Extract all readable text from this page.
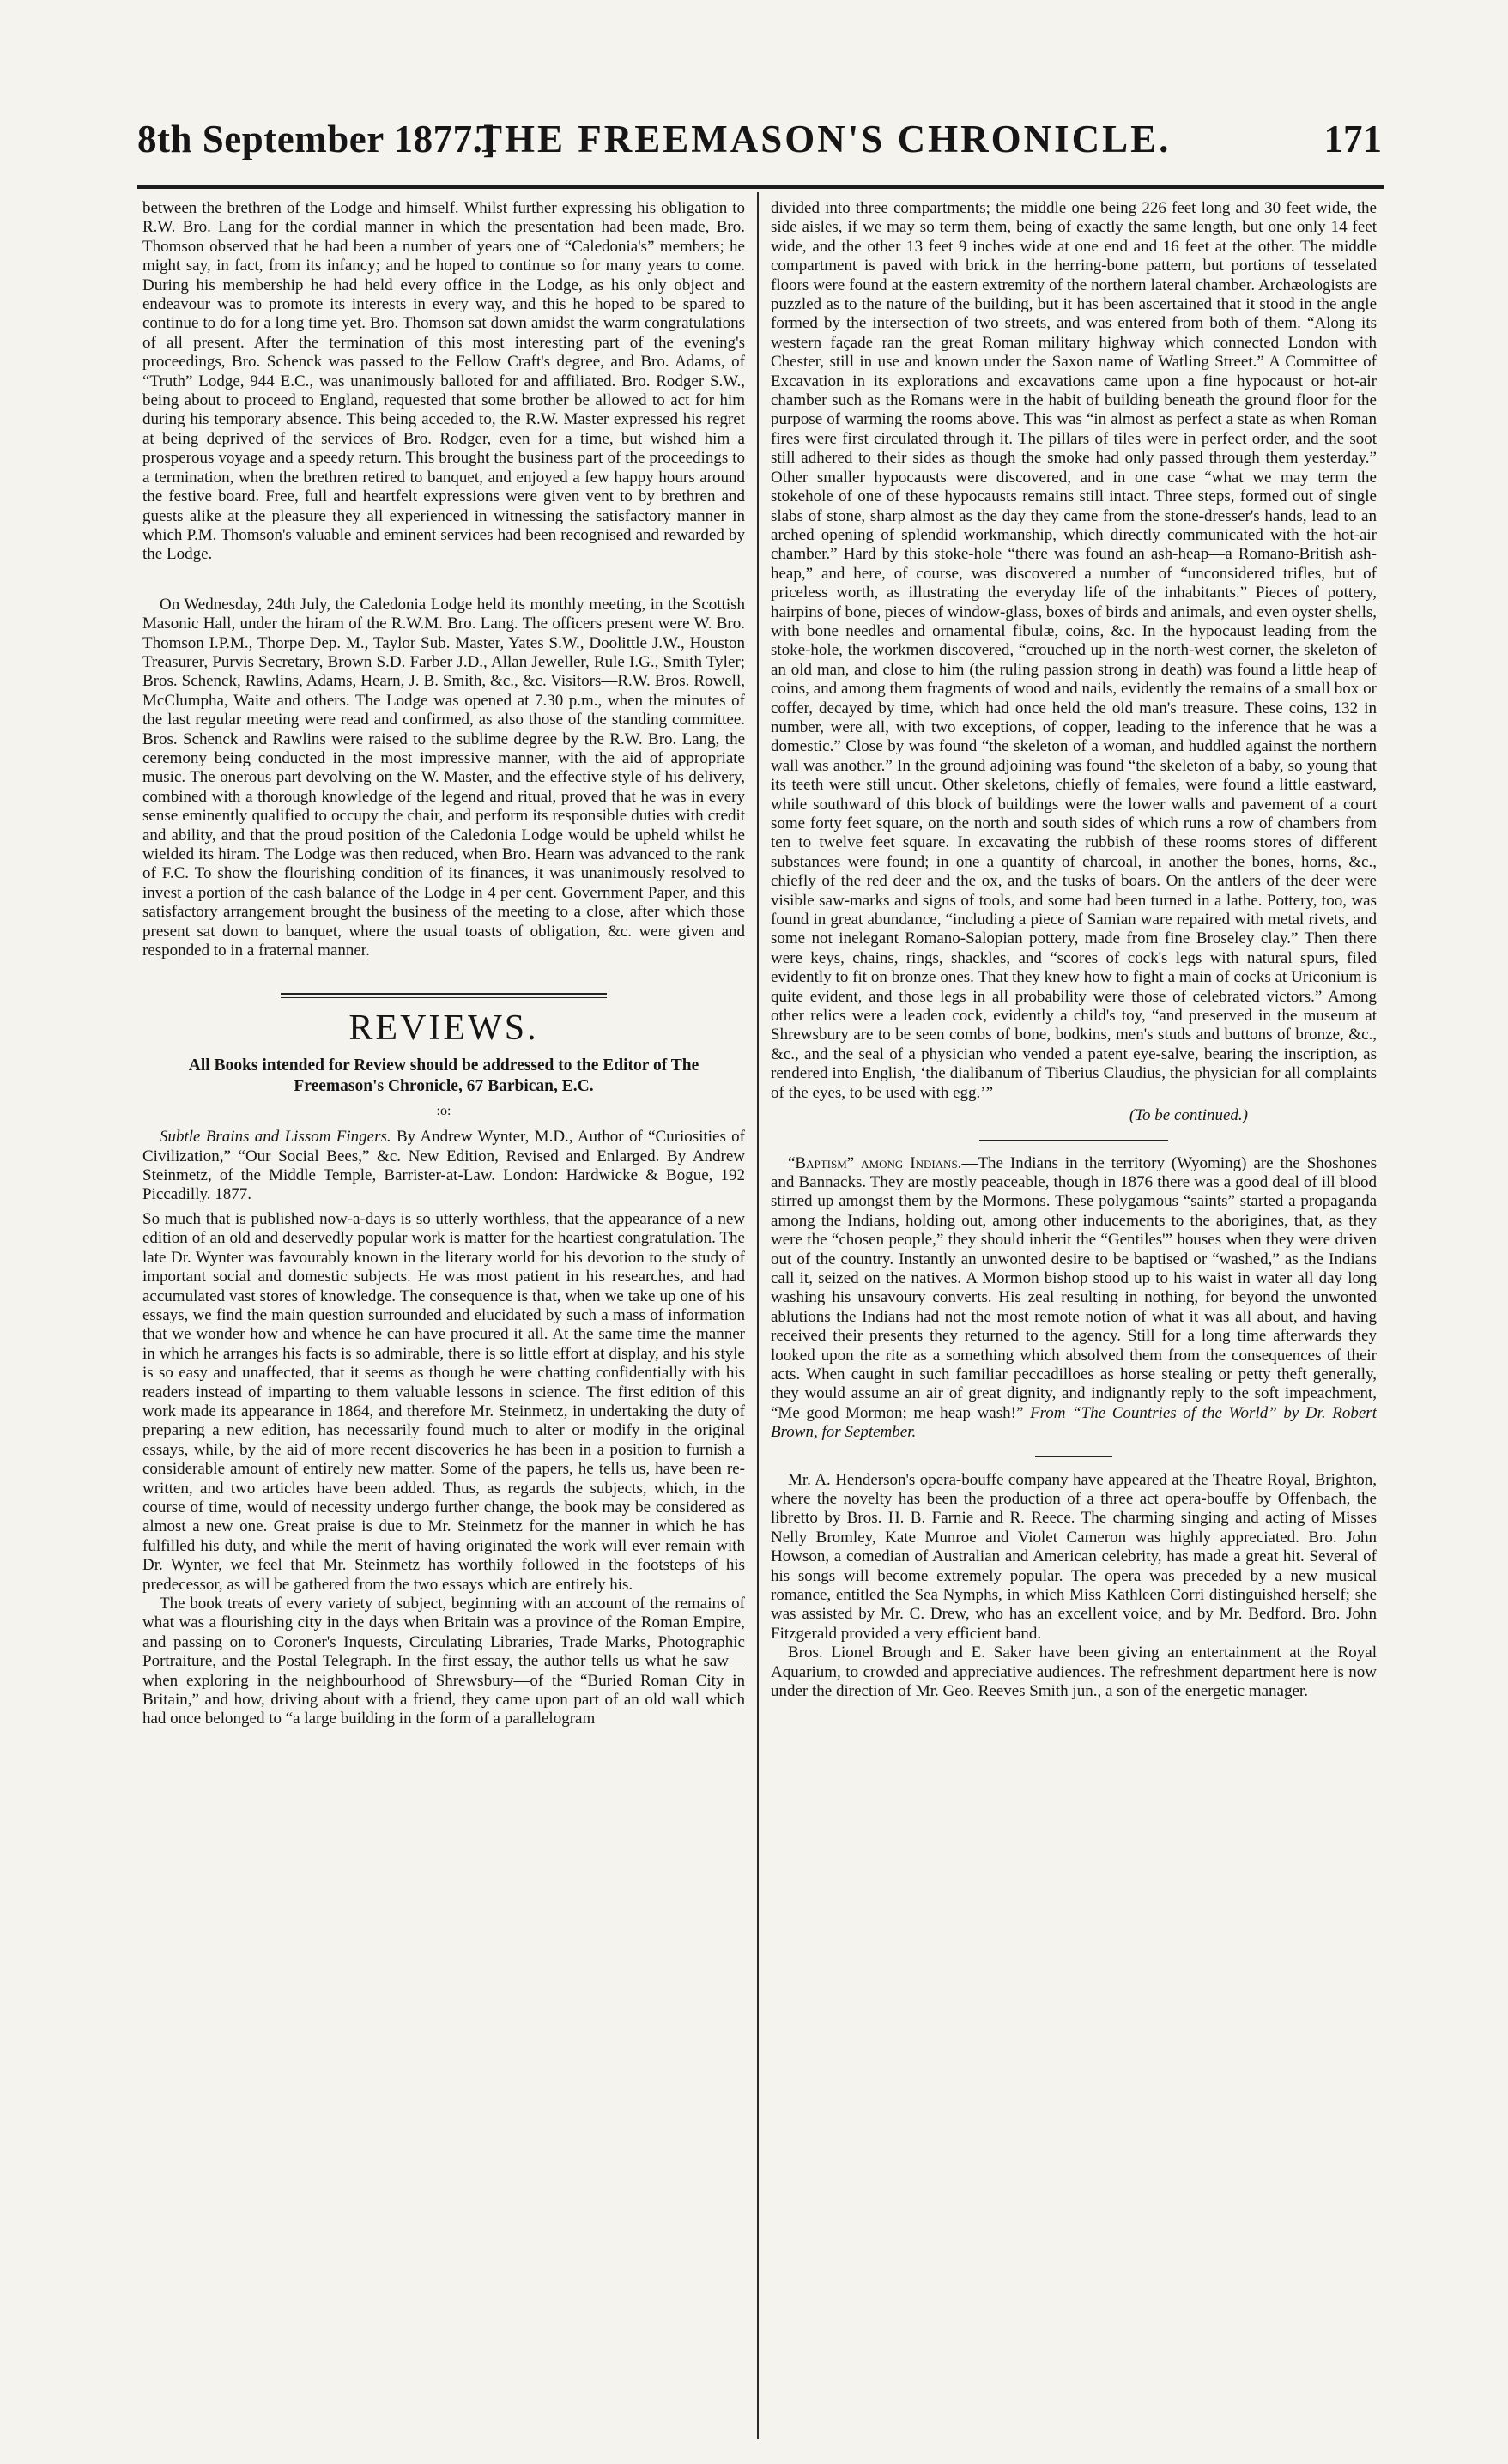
8th September 1877.]
THE FREEMASON'S CHRONICLE.	171

between the brethren of the Lodge and himself. Whilst further expressing his obligation to R.W. Bro. Lang for the cordial manner in which the presentation had been made, Bro. Thomson observed that he had been a number of years one of “Caledonia's” members; he might say, in fact, from its infancy; and he hoped to continue so for many years to come. During his membership he had held every office in the Lodge, as his only object and endeavour was to promote its interests in every way, and this he hoped to be spared to continue to do for a long time yet. Bro. Thomson sat down amidst the warm congratulations of all present. After the termination of this most interesting part of the evening's proceedings, Bro. Schenck was passed to the Fellow Craft's degree, and Bro. Adams, of “Truth” Lodge, 944 E.C., was unanimously balloted for and affiliated. Bro. Rodger S.W., being about to proceed to England, requested that some brother be allowed to act for him during his temporary absence. This being acceded to, the R.W. Master expressed his regret at being deprived of the services of Bro. Rodger, even for a time, but wished him a prosperous voyage and a speedy return. This brought the business part of the proceedings to a termination, when the brethren retired to banquet, and enjoyed a few happy hours around the festive board. Free, full and heartfelt expressions were given vent to by brethren and guests alike at the pleasure they all experienced in witnessing the satisfactory manner in which P.M. Thomson's valuable and eminent services had been recognised and rewarded by the Lodge.

On Wednesday, 24th July, the Caledonia Lodge held its monthly meeting, in the Scottish Masonic Hall, under the hiram of the R.W.M. Bro. Lang. The officers present were W. Bro. Thomson I.P.M., Thorpe Dep. M., Taylor Sub. Master, Yates S.W., Doolittle J.W., Houston Treasurer, Purvis Secretary, Brown S.D. Farber J.D., Allan Jeweller, Rule I.G., Smith Tyler; Bros. Schenck, Rawlins, Adams, Hearn, J. B. Smith, &c., &c. Visitors—R.W. Bros. Rowell, McClumpha, Waite and others. The Lodge was opened at 7.30 p.m., when the minutes of the last regular meeting were read and confirmed, as also those of the standing committee. Bros. Schenck and Rawlins were raised to the sublime degree by the R.W. Bro. Lang, the ceremony being conducted in the most impressive manner, with the aid of appropriate music. The onerous part devolving on the W. Master, and the effective style of his delivery, combined with a thorough knowledge of the legend and ritual, proved that he was in every sense eminently qualified to occupy the chair, and perform its responsible duties with credit and ability, and that the proud position of the Caledonia Lodge would be upheld whilst he wielded its hiram. The Lodge was then reduced, when Bro. Hearn was advanced to the rank of F.C. To show the flourishing condition of its finances, it was unanimously resolved to invest a portion of the cash balance of the Lodge in 4 per cent. Government Paper, and this satisfactory arrangement brought the business of the meeting to a close, after which those present sat down to banquet, where the usual toasts of obligation, &c. were given and responded to in a fraternal manner.

REVIEWS.
All Books intended for Review should be addressed to the Editor of The Freemason's Chronicle, 67 Barbican, E.C.
:o:

Subtle Brains and Lissom Fingers. By Andrew Wynter, M.D., Author of “Curiosities of Civilization,” “Our Social Bees,” &c. New Edition, Revised and Enlarged. By Andrew Steinmetz, of the Middle Temple, Barrister-at-Law. London: Hardwicke & Bogue, 192 Piccadilly. 1877.

So much that is published now-a-days is so utterly worthless, that the appearance of a new edition of an old and deservedly popular work is matter for the heartiest congratulation. The late Dr. Wynter was favourably known in the literary world for his devotion to the study of important social and domestic subjects. He was most patient in his researches, and had accumulated vast stores of knowledge. The consequence is that, when we take up one of his essays, we find the main question surrounded and elucidated by such a mass of information that we wonder how and whence he can have procured it all. At the same time the manner in which he arranges his facts is so admirable, there is so little effort at display, and his style is so easy and unaffected, that it seems as though he were chatting confidentially with his readers instead of imparting to them valuable lessons in science. The first edition of this work made its appearance in 1864, and therefore Mr. Steinmetz, in undertaking the duty of preparing a new edition, has necessarily found much to alter or modify in the original essays, while, by the aid of more recent discoveries he has been in a position to furnish a considerable amount of entirely new matter. Some of the papers, he tells us, have been re-written, and two articles have been added. Thus, as regards the subjects, which, in the course of time, would of necessity undergo further change, the book may be considered as almost a new one. Great praise is due to Mr. Steinmetz for the manner in which he has fulfilled his duty, and while the merit of having originated the work will ever remain with Dr. Wynter, we feel that Mr. Steinmetz has worthily followed in the footsteps of his predecessor, as will be gathered from the two essays which are entirely his.

The book treats of every variety of subject, beginning with an account of the remains of what was a flourishing city in the days when Britain was a province of the Roman Empire, and passing on to Coroner's Inquests, Circulating Libraries, Trade Marks, Photographic Portraiture, and the Postal Telegraph. In the first essay, the author tells us what he saw—when exploring in the neighbourhood of Shrewsbury—of the “Buried Roman City in Britain,” and how, driving about with a friend, they came upon part of an old wall which had once belonged to “a large building in the form of a parallelogram

divided into three compartments; the middle one being 226 feet long and 30 feet wide, the side aisles, if we may so term them, being of exactly the same length, but one only 14 feet wide, and the other 13 feet 9 inches wide at one end and 16 feet at the other. The middle compartment is paved with brick in the herring-bone pattern, but portions of tesselated floors were found at the eastern extremity of the northern lateral chamber. Archæologists are puzzled as to the nature of the building, but it has been ascertained that it stood in the angle formed by the intersection of two streets, and was entered from both of them. “Along its western façade ran the great Roman military highway which connected London with Chester, still in use and known under the Saxon name of Watling Street.” A Committee of Excavation in its explorations and excavations came upon a fine hypocaust or hot-air chamber such as the Romans were in the habit of building beneath the ground floor for the purpose of warming the rooms above. This was “in almost as perfect a state as when Roman fires were first circulated through it. The pillars of tiles were in perfect order, and the soot still adhered to their sides as though the smoke had only passed through them yesterday.” Other smaller hypocausts were discovered, and in one case “what we may term the stokehole of one of these hypocausts remains still intact. Three steps, formed out of single slabs of stone, sharp almost as the day they came from the stone-dresser's hands, lead to an arched opening of splendid workmanship, which directly communicated with the hot-air chamber.” Hard by this stoke-hole “there was found an ash-heap—a Romano-British ash-heap,” and here, of course, was discovered a number of “unconsidered trifles, but of priceless worth, as illustrating the everyday life of the inhabitants.” Pieces of pottery, hairpins of bone, pieces of window-glass, boxes of birds and animals, and even oyster shells, with bone needles and ornamental fibulæ, coins, &c. In the hypocaust leading from the stoke-hole, the workmen discovered, “crouched up in the north-west corner, the skeleton of an old man, and close to him (the ruling passion strong in death) was found a little heap of coins, and among them fragments of wood and nails, evidently the remains of a small box or coffer, decayed by time, which had once held the old man's treasure. These coins, 132 in number, were all, with two exceptions, of copper, leading to the inference that he was a domestic.” Close by was found “the skeleton of a woman, and huddled against the northern wall was another.” In the ground adjoining was found “the skeleton of a baby, so young that its teeth were still uncut. Other skeletons, chiefly of females, were found a little eastward, while southward of this block of buildings were the lower walls and pavement of a court some forty feet square, on the north and south sides of which runs a row of chambers from ten to twelve feet square. In excavating the rubbish of these rooms stores of different substances were found; in one a quantity of charcoal, in another the bones, horns, &c., chiefly of the red deer and the ox, and the tusks of boars. On the antlers of the deer were visible saw-marks and signs of tools, and some had been turned in a lathe. Pottery, too, was found in great abundance, “including a piece of Samian ware repaired with metal rivets, and some not inelegant Romano-Salopian pottery, made from fine Broseley clay.” Then there were keys, chains, rings, shackles, and “scores of cock's legs with natural spurs, filed evidently to fit on bronze ones. That they knew how to fight a main of cocks at Uriconium is quite evident, and those legs in all probability were those of celebrated victors.” Among other relics were a leaden cock, evidently a child's toy, “and preserved in the museum at Shrewsbury are to be seen combs of bone, bodkins, men's studs and buttons of bronze, &c., &c., and the seal of a physician who vended a patent eye-salve, bearing the inscription, as rendered into English, ‘the dialibanum of Tiberius Claudius, the physician for all complaints of the eyes, to be used with egg.’”

(To be continued.)

“Baptism” among Indians.—The Indians in the territory (Wyoming) are the Shoshones and Bannacks. They are mostly peaceable, though in 1876 there was a good deal of ill blood stirred up amongst them by the Mormons. These polygamous “saints” started a propaganda among the Indians, holding out, among other inducements to the aborigines, that, as they were the “chosen people,” they should inherit the “Gentiles'” houses when they were driven out of the country. Instantly an unwonted desire to be baptised or “washed,” as the Indians call it, seized on the natives. A Mormon bishop stood up to his waist in water all day long washing his unsavoury converts. His zeal resulting in nothing, for beyond the unwonted ablutions the Indians had not the most remote notion of what it was all about, and having received their presents they returned to the agency. Still for a long time afterwards they looked upon the rite as a something which absolved them from the consequences of their acts. When caught in such familiar peccadilloes as horse stealing or petty theft generally, they would assume an air of great dignity, and indignantly reply to the soft impeachment, “Me good Mormon; me heap wash!” From “The Countries of the World” by Dr. Robert Brown, for September.

Mr. A. Henderson's opera-bouffe company have appeared at the Theatre Royal, Brighton, where the novelty has been the production of a three act opera-bouffe by Offenbach, the libretto by Bros. H. B. Farnie and R. Reece. The charming singing and acting of Misses Nelly Bromley, Kate Munroe and Violet Cameron was highly appreciated. Bro. John Howson, a comedian of Australian and American celebrity, has made a great hit. Several of his songs will become extremely popular. The opera was preceded by a new musical romance, entitled the Sea Nymphs, in which Miss Kathleen Corri distinguished herself; she was assisted by Mr. C. Drew, who has an excellent voice, and by Mr. Bedford. Bro. John Fitzgerald provided a very efficient band.

Bros. Lionel Brough and E. Saker have been giving an entertainment at the Royal Aquarium, to crowded and appreciative audiences. The refreshment department here is now under the direction of Mr. Geo. Reeves Smith jun., a son of the energetic manager.
